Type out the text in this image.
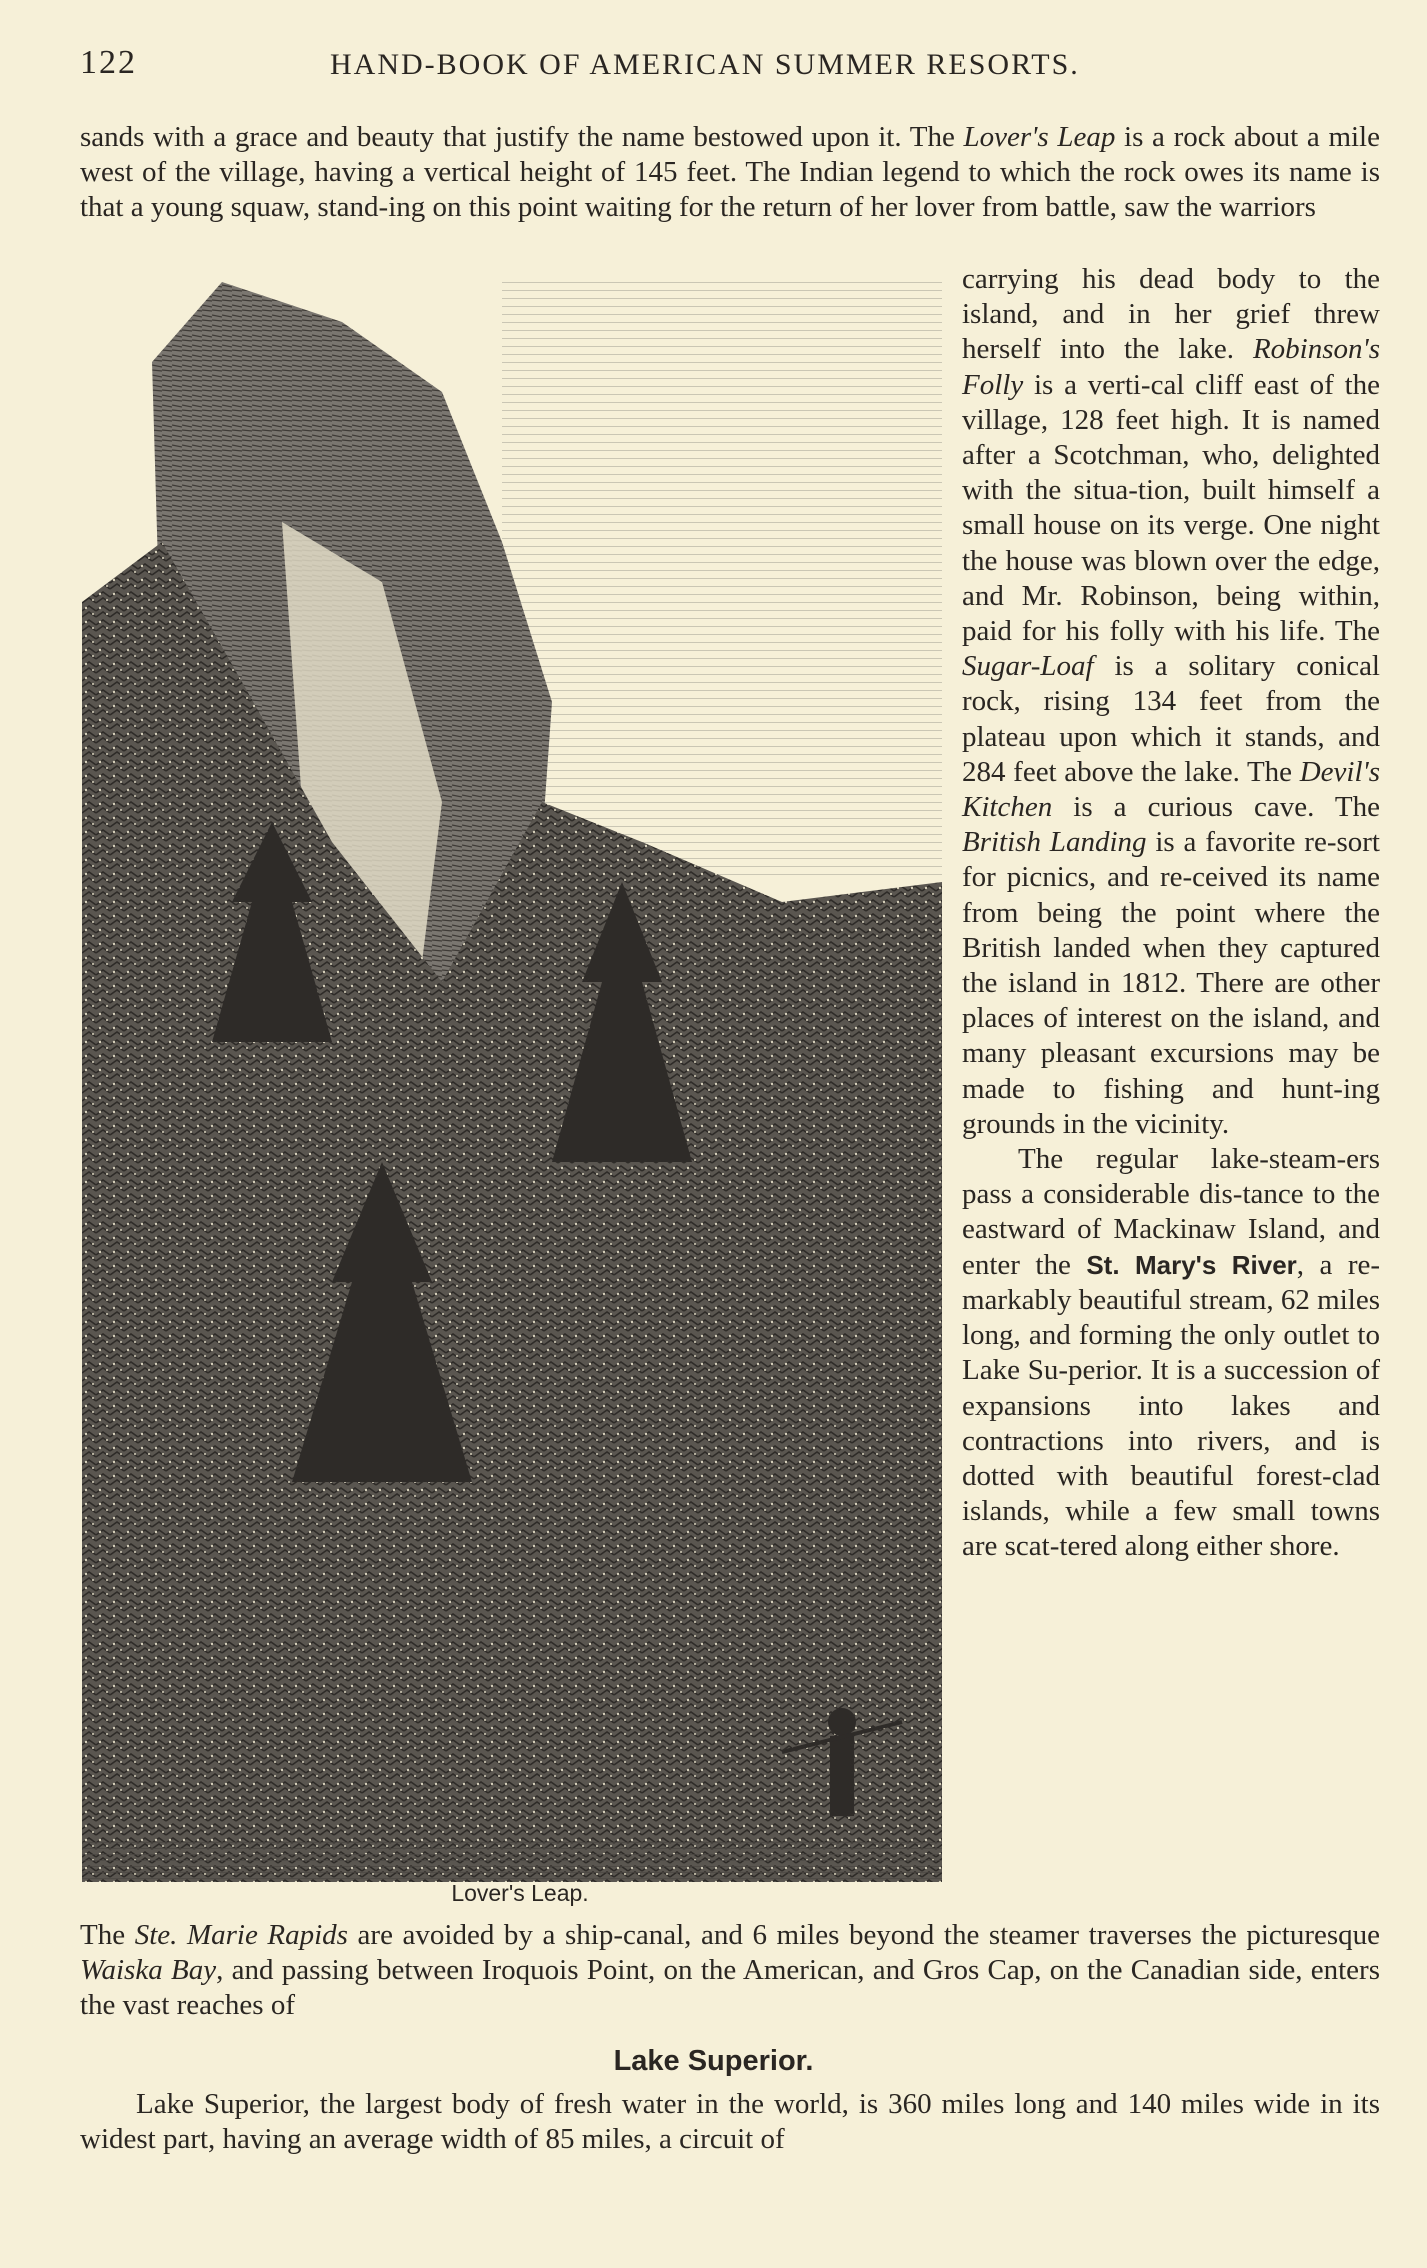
122	HAND-BOOK OF AMERICAN SUMMER RESORTS.

sands with a grace and beauty that justify the name bestowed upon it. The Lover's Leap is a rock about a mile west of the village, having a vertical height of 145 feet. The Indian legend to which the rock owes its name is that a young squaw, stand-ing on this point waiting for the return of her lover from battle, saw the warriors

Lover's Leap.

carrying his dead body to the island, and in her grief threw herself into the lake. Robinson's Folly is a verti-cal cliff east of the village, 128 feet high. It is named after a Scotchman, who, delighted with the situa-tion, built himself a small house on its verge. One night the house was blown over the edge, and Mr. Robinson, being within, paid for his folly with his life. The Sugar-Loaf is a solitary conical rock, rising 134 feet from the plateau upon which it stands, and 284 feet above the lake. The Devil's Kitchen is a curious cave. The British Landing is a favorite re-sort for picnics, and re-ceived its name from being the point where the British landed when they captured the island in 1812. There are other places of interest on the island, and many pleasant excursions may be made to fishing and hunt-ing grounds in the vicinity.

The regular lake-steam-ers pass a considerable dis-tance to the eastward of Mackinaw Island, and enter the St. Mary's River, a re-markably beautiful stream, 62 miles long, and forming the only outlet to Lake Su-perior. It is a succession of expansions into lakes and contractions into rivers, and is dotted with beautiful forest-clad islands, while a few small towns are scat-tered along either shore.

The Ste. Marie Rapids are avoided by a ship-canal, and 6 miles beyond the steamer traverses the picturesque Waiska Bay, and passing between Iroquois Point, on the American, and Gros Cap, on the Canadian side, enters the vast reaches of

Lake Superior.

Lake Superior, the largest body of fresh water in the world, is 360 miles long and 140 miles wide in its widest part, having an average width of 85 miles, a circuit of
